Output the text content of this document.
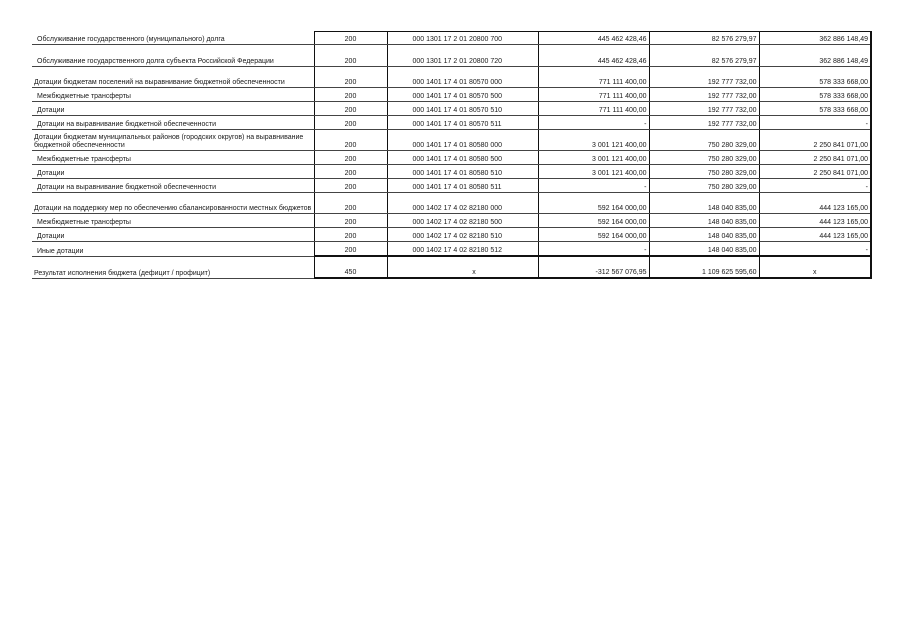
Обслуживание государственного (муниципального) долга	200	000 1301 17 2 01 20800 700	445 462 428,46	82 576 279,97	362 886 148,49
Обслуживание государственного долга субъекта Российской Федерации	200	000 1301 17 2 01 20800 720	445 462 428,46	82 576 279,97	362 886 148,49
Дотации бюджетам поселений на выравнивание бюджетной обеспеченности	200	000 1401 17 4 01 80570 000	771 111 400,00	192 777 732,00	578 333 668,00
Межбюджетные трансферты	200	000 1401 17 4 01 80570 500	771 111 400,00	192 777 732,00	578 333 668,00
Дотации	200	000 1401 17 4 01 80570 510	771 111 400,00	192 777 732,00	578 333 668,00
Дотации на выравнивание бюджетной обеспеченности	200	000 1401 17 4 01 80570 511	-	192 777 732,00	-
Дотации бюджетам муниципальных районов (городских округов) на выравнивание бюджетной обеспеченности	200	000 1401 17 4 01 80580 000	3 001 121 400,00	750 280 329,00	2 250 841 071,00
Межбюджетные трансферты	200	000 1401 17 4 01 80580 500	3 001 121 400,00	750 280 329,00	2 250 841 071,00
Дотации	200	000 1401 17 4 01 80580 510	3 001 121 400,00	750 280 329,00	2 250 841 071,00
Дотации на выравнивание бюджетной обеспеченности	200	000 1401 17 4 01 80580 511	-	750 280 329,00	-
Дотации на поддержку мер по обеспечению сбалансированности местных бюджетов	200	000 1402 17 4 02 82180 000	592 164 000,00	148 040 835,00	444 123 165,00
Межбюджетные трансферты	200	000 1402 17 4 02 82180 500	592 164 000,00	148 040 835,00	444 123 165,00
Дотации	200	000 1402 17 4 02 82180 510	592 164 000,00	148 040 835,00	444 123 165,00
Иные дотации	200	000 1402 17 4 02 82180 512	-	148 040 835,00	-
Результат исполнения бюджета (дефицит / профицит)	450	x	-312 567 076,95	1 109 625 595,60	x
